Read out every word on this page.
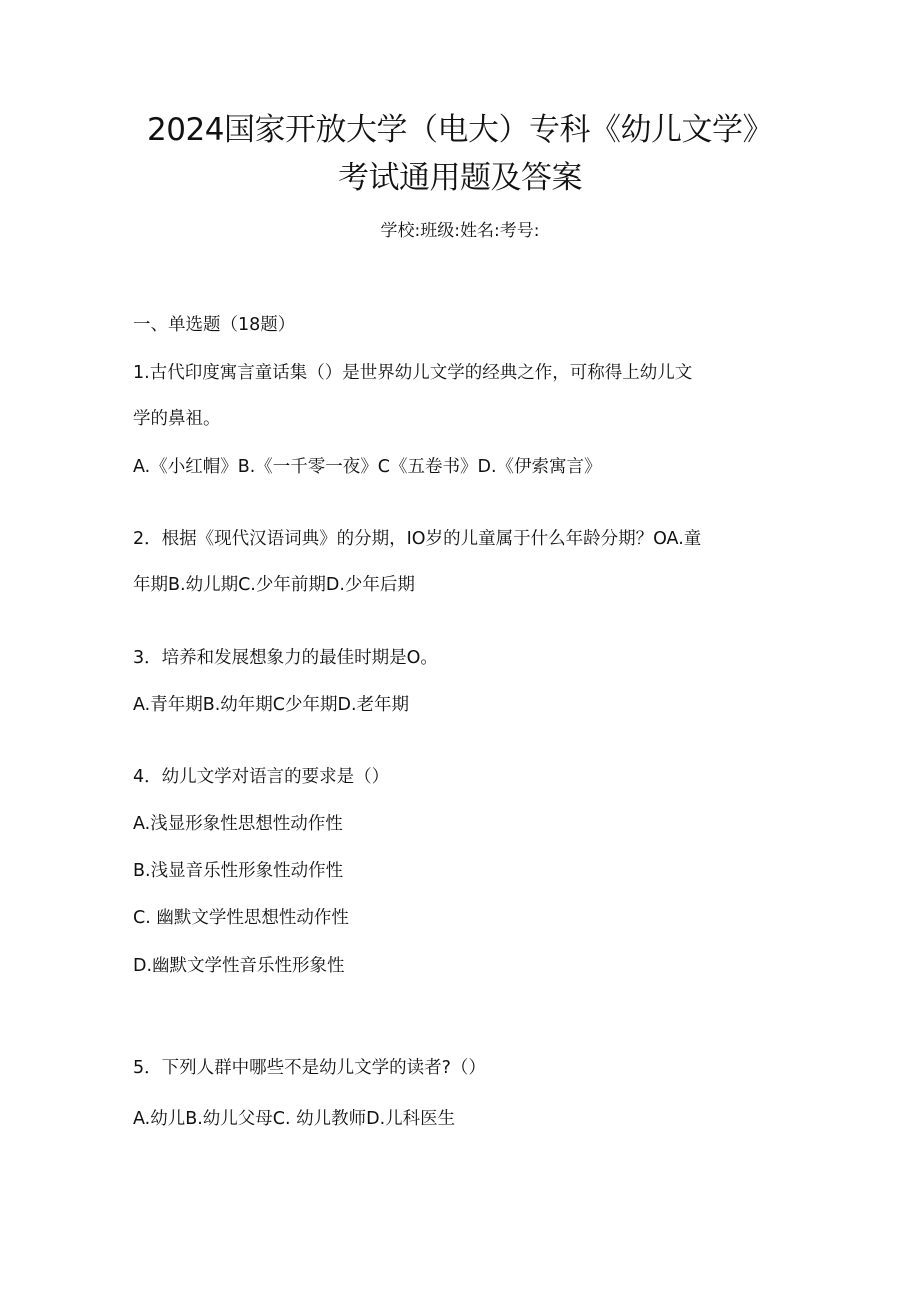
2024国家开放大学（电大）专科《幼儿文学》
考试通用题及答案
学校:班级:姓名:考号:
一、单选题（18题）
1.古代印度寓言童话集（）是世界幼儿文学的经典之作，可称得上幼儿文
学的鼻祖。
A.《小红帽》B.《一千零一夜》C《五卷书》D.《伊索寓言》
2．根据《现代汉语词典》的分期，IO岁的儿童属于什么年龄分期？OA.童
年期B.幼儿期C.少年前期D.少年后期
3．培养和发展想象力的最佳时期是O。
A.青年期B.幼年期C少年期D.老年期
4．幼儿文学对语言的要求是（）
A.浅显形象性思想性动作性
B.浅显音乐性形象性动作性
C. 幽默文学性思想性动作性
D.幽默文学性音乐性形象性
5．下列人群中哪些不是幼儿文学的读者?（）
A.幼儿B.幼儿父母C. 幼儿教师D.儿科医生
